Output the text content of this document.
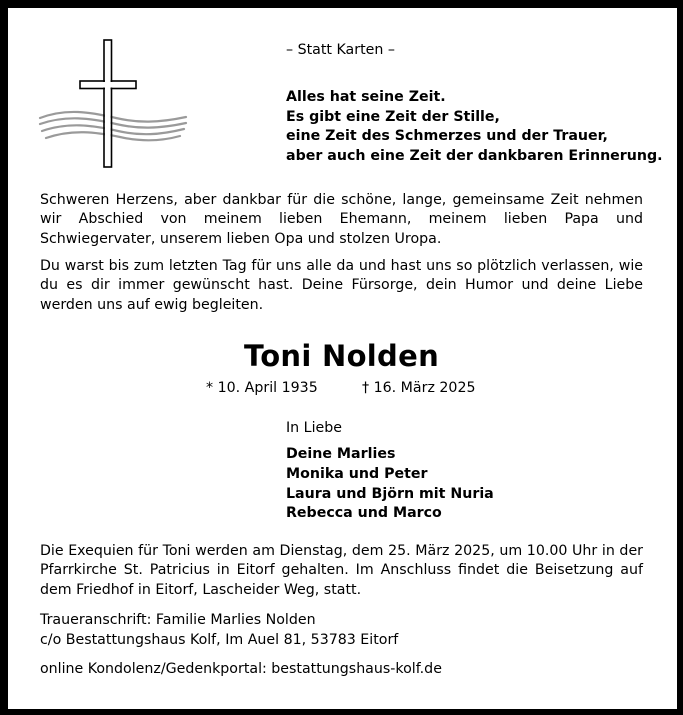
– Statt Karten –
Alles hat seine Zeit.
Es gibt eine Zeit der Stille,
eine Zeit des Schmerzes und der Trauer,
aber auch eine Zeit der dankbaren Erinnerung.
Schweren Herzens, aber dankbar für die schöne, lange, gemeinsame Zeit nehmen wir Abschied von meinem lieben Ehemann, meinem lieben Papa und Schwiegervater, unserem lieben Opa und stolzen Uropa.
Du warst bis zum letzten Tag für uns alle da und hast uns so plötzlich verlassen, wie du es dir immer gewünscht hast. Deine Fürsorge, dein Humor und deine Liebe werden uns auf ewig begleiten.
Toni Nolden
* 10. April 1935	† 16. März 2025
In Liebe
Deine Marlies
Monika und Peter
Laura und Björn mit Nuria
Rebecca und Marco
Die Exequien für Toni werden am Dienstag, dem 25. März 2025, um 10.00 Uhr in der Pfarrkirche St. Patricius in Eitorf gehalten. Im Anschluss findet die Beisetzung auf dem Friedhof in Eitorf, Lascheider Weg, statt.
Traueranschrift: Familie Marlies Nolden
c/o Bestattungshaus Kolf, Im Auel 81, 53783 Eitorf
online Kondolenz/Gedenkportal: bestattungshaus-kolf.de
